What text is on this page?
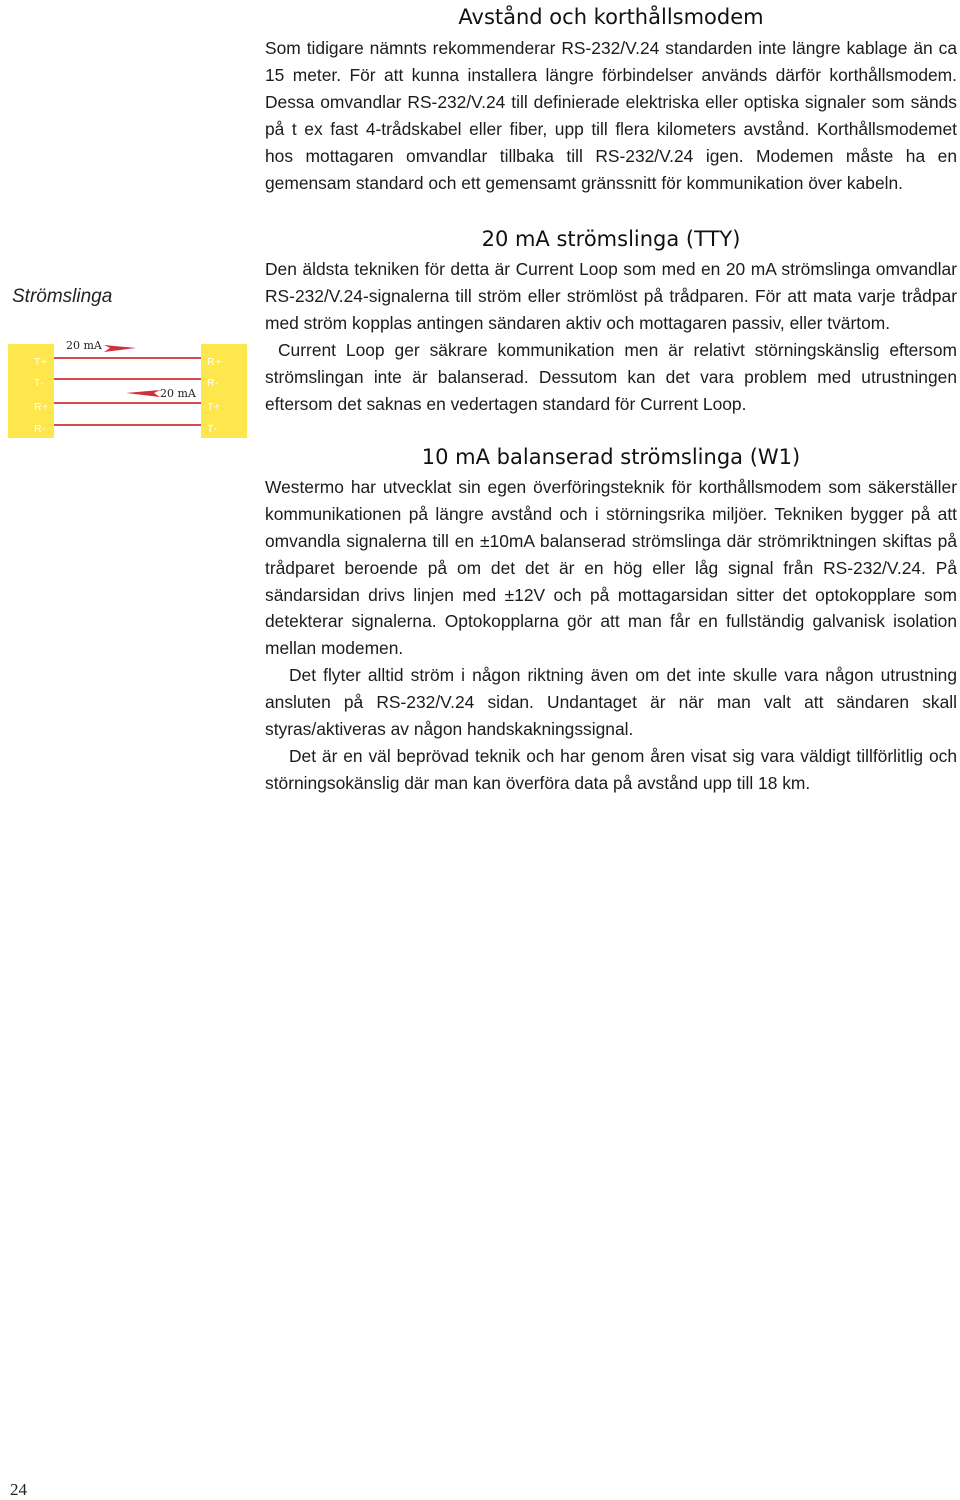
Avstånd och korthållsmodem

Som tidigare nämnts rekommenderar RS-232/V.24 standarden inte längre kablage än ca 15 meter. För att kunna installera längre förbindelser används därför korthållsmodem. Dessa omvandlar RS-232/V.24 till definierade elektriska eller optiska signaler som sänds på t ex fast 4-trådskabel eller fiber, upp till flera kilometers avstånd. Korthållsmodemet hos mottagaren omvandlar tillbaka till RS-232/V.24 igen. Modemen måste ha en gemensam standard och ett gemensamt gränssnitt för kommunikation över kabeln.

20 mA strömslinga (TTY)

Den äldsta tekniken för detta är Current Loop som med en 20 mA strömslinga omvandlar RS-232/V.24-signalerna till ström eller strömlöst på trådparen. För att mata varje trådpar med ström kopplas antingen sändaren aktiv och mottagaren passiv, eller tvärtom.

Current Loop ger säkrare kommunikation men är relativt störningskänslig eftersom strömslingan inte är balanserad. Dessutom kan det vara problem med utrustningen eftersom det saknas en vedertagen standard för Current Loop.

10 mA balanserad strömslinga (W1)

Westermo har utvecklat sin egen överföringsteknik för korthållsmodem som säkerställer kommunikationen på längre avstånd och i störningsrika miljöer. Tekniken bygger på att omvandla signalerna till en ±10mA balanserad strömslinga där strömriktningen skiftas på trådparet beroende på om det det är en hög eller låg signal från RS-232/V.24. På sändarsidan drivs linjen med ±12V och på mottagarsidan sitter det optokopplare som detekterar signalerna. Optokopplarna gör att man får en fullständig galvanisk isolation mellan modemen.

Det flyter alltid ström i någon riktning även om det inte skulle vara någon utrustning ansluten på RS-232/V.24 sidan. Undantaget är när man valt att sändaren skall styras/aktiveras av någon handskakningssignal.

Det är en väl beprövad teknik och har genom åren visat sig vara väldigt tillförlitlig och störningsokänslig där man kan överföra data på avstånd upp till 18 km.

Strömslinga
T+
T-
R+
R-
R+
R-
T+
T-
20 mA
20 mA
24
